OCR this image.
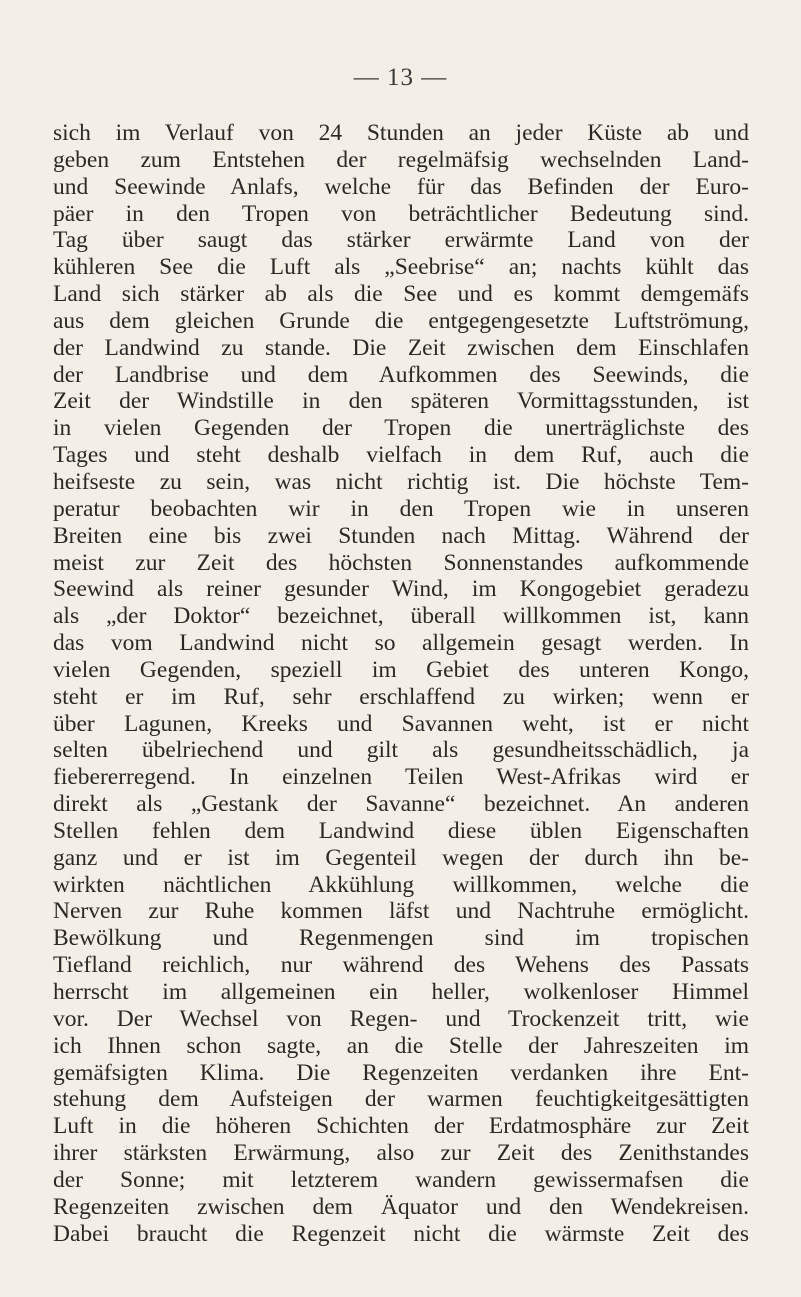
— 13 —
sich im Verlauf von 24 Stunden an jeder Küste ab und
geben zum Entstehen der regelmäfsig wechselnden Land-
und Seewinde Anlafs, welche für das Befinden der Euro-
päer in den Tropen von beträchtlicher Bedeutung sind.
Tag über saugt das stärker erwärmte Land von der
kühleren See die Luft als „Seebrise“ an; nachts kühlt das
Land sich stärker ab als die See und es kommt demgemäfs
aus dem gleichen Grunde die entgegengesetzte Luftströmung,
der Landwind zu stande. Die Zeit zwischen dem Einschlafen
der Landbrise und dem Aufkommen des Seewinds, die
Zeit der Windstille in den späteren Vormittagsstunden, ist
in vielen Gegenden der Tropen die unerträglichste des
Tages und steht deshalb vielfach in dem Ruf, auch die
heifseste zu sein, was nicht richtig ist. Die höchste Tem-
peratur beobachten wir in den Tropen wie in unseren
Breiten eine bis zwei Stunden nach Mittag. Während der
meist zur Zeit des höchsten Sonnenstandes aufkommende
Seewind als reiner gesunder Wind, im Kongogebiet geradezu
als „der Doktor“ bezeichnet, überall willkommen ist, kann
das vom Landwind nicht so allgemein gesagt werden. In
vielen Gegenden, speziell im Gebiet des unteren Kongo,
steht er im Ruf, sehr erschlaffend zu wirken; wenn er
über Lagunen, Kreeks und Savannen weht, ist er nicht
selten übelriechend und gilt als gesundheitsschädlich, ja
fiebererregend. In einzelnen Teilen West-Afrikas wird er
direkt als „Gestank der Savanne“ bezeichnet. An anderen
Stellen fehlen dem Landwind diese üblen Eigenschaften
ganz und er ist im Gegenteil wegen der durch ihn be-
wirkten nächtlichen Akkühlung willkommen, welche die
Nerven zur Ruhe kommen läfst und Nachtruhe ermöglicht.
Bewölkung und Regenmengen sind im tropischen
Tiefland reichlich, nur während des Wehens des Passats
herrscht im allgemeinen ein heller, wolkenloser Himmel
vor. Der Wechsel von Regen- und Trockenzeit tritt, wie
ich Ihnen schon sagte, an die Stelle der Jahreszeiten im
gemäfsigten Klima. Die Regenzeiten verdanken ihre Ent-
stehung dem Aufsteigen der warmen feuchtigkeitgesättigten
Luft in die höheren Schichten der Erdatmosphäre zur Zeit
ihrer stärksten Erwärmung, also zur Zeit des Zenithstandes
der Sonne; mit letzterem wandern gewissermafsen die
Regenzeiten zwischen dem Äquator und den Wendekreisen.
Dabei braucht die Regenzeit nicht die wärmste Zeit des
